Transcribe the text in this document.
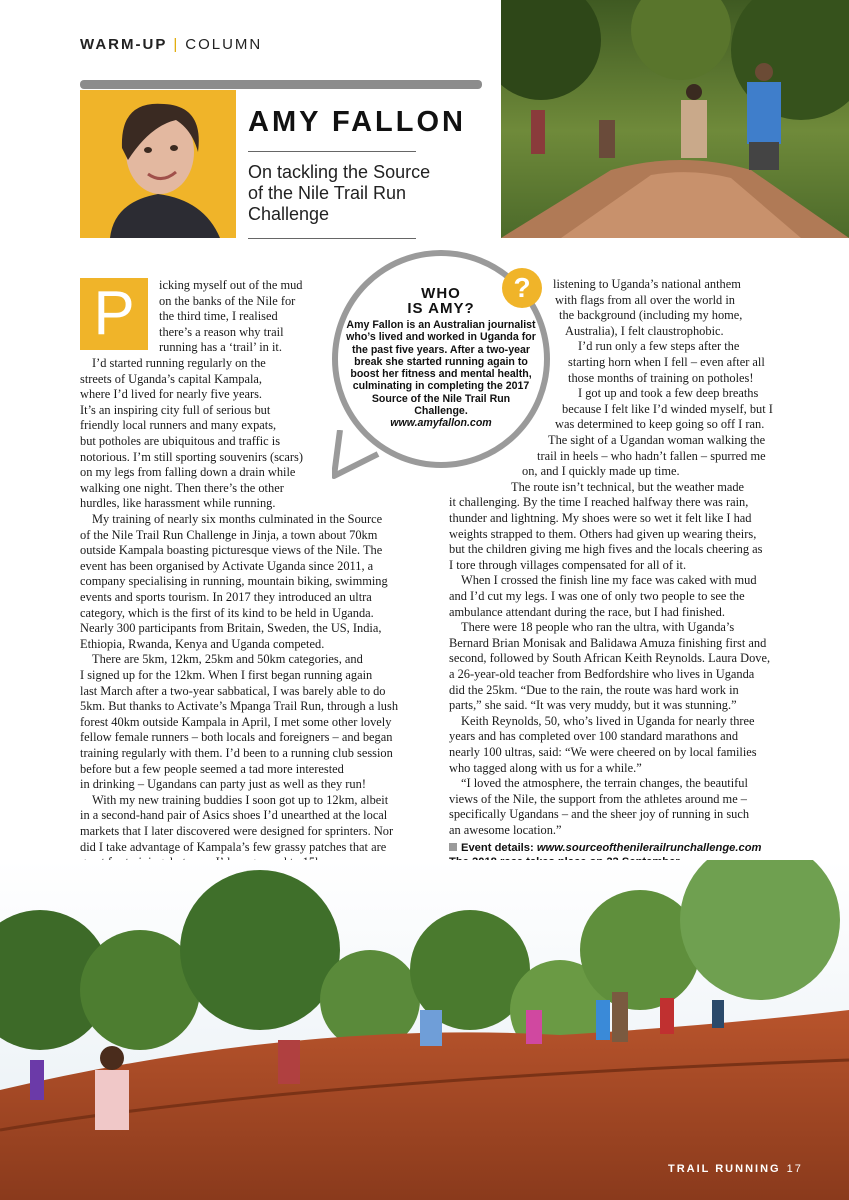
WARM-UP | COLUMN
AMY FALLON
On tackling the Source of the Nile Trail Run Challenge
P	icking myself out of the mud
on the banks of the Nile for
the third time, I realised
there’s a reason why trail
running has a ‘trail’ in it.
I’d started running regularly on the
streets of Uganda’s capital Kampala,
where I’d lived for nearly five years.
It’s an inspiring city full of serious but
friendly local runners and many expats,
but potholes are ubiquitous and traffic is
notorious. I’m still sporting souvenirs (scars)
on my legs from falling down a drain while
walking one night. Then there’s the other
hurdles, like harassment while running.
My training of nearly six months culminated in the Source
of the Nile Trail Run Challenge in Jinja, a town about 70km
outside Kampala boasting picturesque views of the Nile. The
event has been organised by Activate Uganda since 2011, a
company specialising in running, mountain biking, swimming
events and sports tourism. In 2017 they introduced an ultra
category, which is the first of its kind to be held in Uganda.
Nearly 300 participants from Britain, Sweden, the US, India,
Ethiopia, Rwanda, Kenya and Uganda competed.
There are 5km, 12km, 25km and 50km categories, and
I signed up for the 12km. When I first began running again
last March after a two-year sabbatical, I was barely able to do
5km. But thanks to Activate’s Mpanga Trail Run, through a lush
forest 40km outside Kampala in April, I met some other lovely
fellow female runners – both locals and foreigners – and began
training regularly with them. I’d been to a running club session
before but a few people seemed a tad more interested
in drinking – Ugandans can party just as well as they run!
With my new training buddies I soon got up to 12km, albeit
in a second-hand pair of Asics shoes I’d unearthed at the local
markets that I later discovered were designed for sprinters. Nor
did I take advantage of Kampala’s few grassy patches that are
listening to Uganda’s national anthem
with flags from all over the world in
the background (including my home,
Australia), I felt claustrophobic.
I’d run only a few steps after the
starting horn when I fell – even after all
those months of training on potholes!
I got up and took a few deep breaths
because I felt like I’d winded myself, but I
was determined to keep going so off I ran.
The sight of a Ugandan woman walking the
trail in heels – who hadn’t fallen – spurred me
on, and I quickly made up time.
The route isn’t technical, but the weather made
it challenging. By the time I reached halfway there was rain,
thunder and lightning. My shoes were so wet it felt like I had
weights strapped to them. Others had given up wearing theirs,
but the children giving me high fives and the locals cheering as
I tore through villages compensated for all of it.
When I crossed the finish line my face was caked with mud
and I’d cut my legs. I was one of only two people to see the
ambulance attendant during the race, but I had finished.
There were 18 people who ran the ultra, with Uganda’s
Bernard Brian Monisak and Balidawa Amuza finishing first and
second, followed by South African Keith Reynolds. Laura Dove,
a 26-year-old teacher from Bedfordshire who lives in Uganda
did the 25km. “Due to the rain, the route was hard work in
parts,” she said. “It was very muddy, but it was stunning.”
Keith Reynolds, 50, who’s lived in Uganda for nearly three
years and has completed over 100 standard marathons and
nearly 100 ultras, said: “We were cheered on by local families
who tagged along with us for a while.”
“I loved the atmosphere, the terrain changes, the beautiful
views of the Nile, the support from the athletes around me –
specifically Ugandans – and the sheer joy of running in such
an awesome location.”
WHO
IS AMY?
Amy Fallon is an Australian journalist who’s lived and worked in Uganda for the past five years. After a two-year break she started running again to boost her fitness and mental health, culminating in completing the 2017 Source of the Nile Trail Run Challenge.
www.amyfallon.com
?
Event details: www.sourceofthenilerailrunchallenge.com
TRAIL RUNNING 17
